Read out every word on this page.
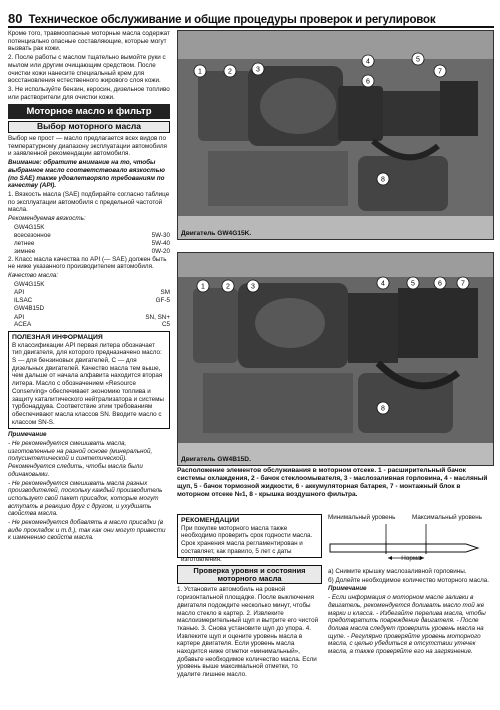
80 Техническое обслуживание и общие процедуры проверок и регулировок

Кроме того, травмоопасные моторные масла содержат потенциально опасные составляющие, которые могут вызвать рак кожи.

2. После работы с маслом тщательно вымойте руки с мылом или другим очищающим средством. После очистки кожи нанесите специальный крем для восстановления естественного жирового слоя кожи.

3. Не используйте бензин, керосин, дизельное топливо или растворители для очистки кожи.

Моторное масло и фильтр
Выбор моторного масла

Выбор не прост — масло предлагается всех видов по температурному диапазону эксплуатации автомобиля и заявленной рекомендации автомобиля.

Внимание: обратите внимание на то, чтобы выбранное масло соответствовало вязкостью (по SAE) также удовлетворяло требованиям по качеству (API).

1. Вязкость масла (SAE) подбирайте согласно таблице по эксплуатации автомобиля с предельной частотой масла.

Рекомендуемая вязкость:

GW4G15K

всесезонное	5W-30
летнее	5W-40
зимнее	0W-20

2. Класс масла качества по API (— SAE) должен быть не ниже указанного производителем автомобиля.

Качество масла:

GW4G15K

API	SM
ILSAC	GF-5

GW4B15D

API	SN, SN+
ACEA	C5
ПОЛЕЗНАЯ ИНФОРМАЦИЯ
В классификации API первая литера обозначает тип двигателя, для которого предназначено масло: S — для бензиновых двигателей, С — для дизельных двигателей. Качество масла тем выше, чем дальше от начала алфавита находится вторая литера. Масло с обозначением «Resource Conserving» обеспечивает экономию топлива и защиту каталитического нейтрализатора и системы турбонаддува. Соответствие этим требованиям обеспечивают масла классов SN. Вводите масло с классом SN-S.

Примечание

- Не рекомендуется смешивать масла, изготовленные на разной основе (минеральной, полусинтетической и синтетической). Рекомендуется следить, чтобы масла были одинаковыми.

- Не рекомендуется смешивать масла разных производителей, поскольку каждый производитель использует свой пакет присадок, которые могут вступать в реакцию друг с другом, и ухудшать свойства масла.

- Не рекомендуется добавлять в масло присадки (в виде прокладок и т.д.), так как они могут привести к изменению свойств масла.

1	2	3
4	5
6
7
8
Двигатель GW4G15K.
1	2	3	4	5	6	7
8
Двигатель GW4B15D.
Расположение элементов обслуживания в моторном отсеке. 1 - расширительный бачок системы охлаждения, 2 - бачок стеклоомывателя, 3 - маслозаливная горловина, 4 - масляный щуп, 5 - бачок тормозной жидкости, 6 - аккумуляторная батарея, 7 - монтажный блок в моторном отсеке №1, 8 - крышка воздушного фильтра.
РЕКОМЕНДАЦИИ
При покупке моторного масла также необходимо проверить срок годности масла. Срок хранения масла регламентирован и составляет, как правило, 5 лет с даты изготовления.
Минимальный уровень	Максимальный уровень
Норма
Проверка уровня и состояния моторного масла

1. Установите автомобиль на ровной горизонтальной площадке. После выключения двигателя подождите несколько минут, чтобы масло стекло в картер. 2. Извлеките маслоизмерительный щуп и вытрите его чистой тканью. 3. Снова установите щуп до упора. 4. Извлеките щуп и оцените уровень масла в картере двигателя. Если уровень масла находится ниже отметки «минимальный», добавьте необходимое количество масла. Если уровень выше максимальной отметки, то удалите лишнее масло.

а) Снимите крышку маслозаливной горловины.

б) Долейте необходимое количество моторного масла.

Примечание

- Если информация о моторном масле заливки в двигатель, рекомендуется доливать масло той же марки и класса. - Избегайте перелива масла, чтобы предотвратить повреждение двигателя. - После долива масла следует проверить уровень масла на щупе. - Регулярно проверяйте уровень моторного масла, с целью убедиться в отсутствии утечек масла, а также проверяйте его на загрязнение.
